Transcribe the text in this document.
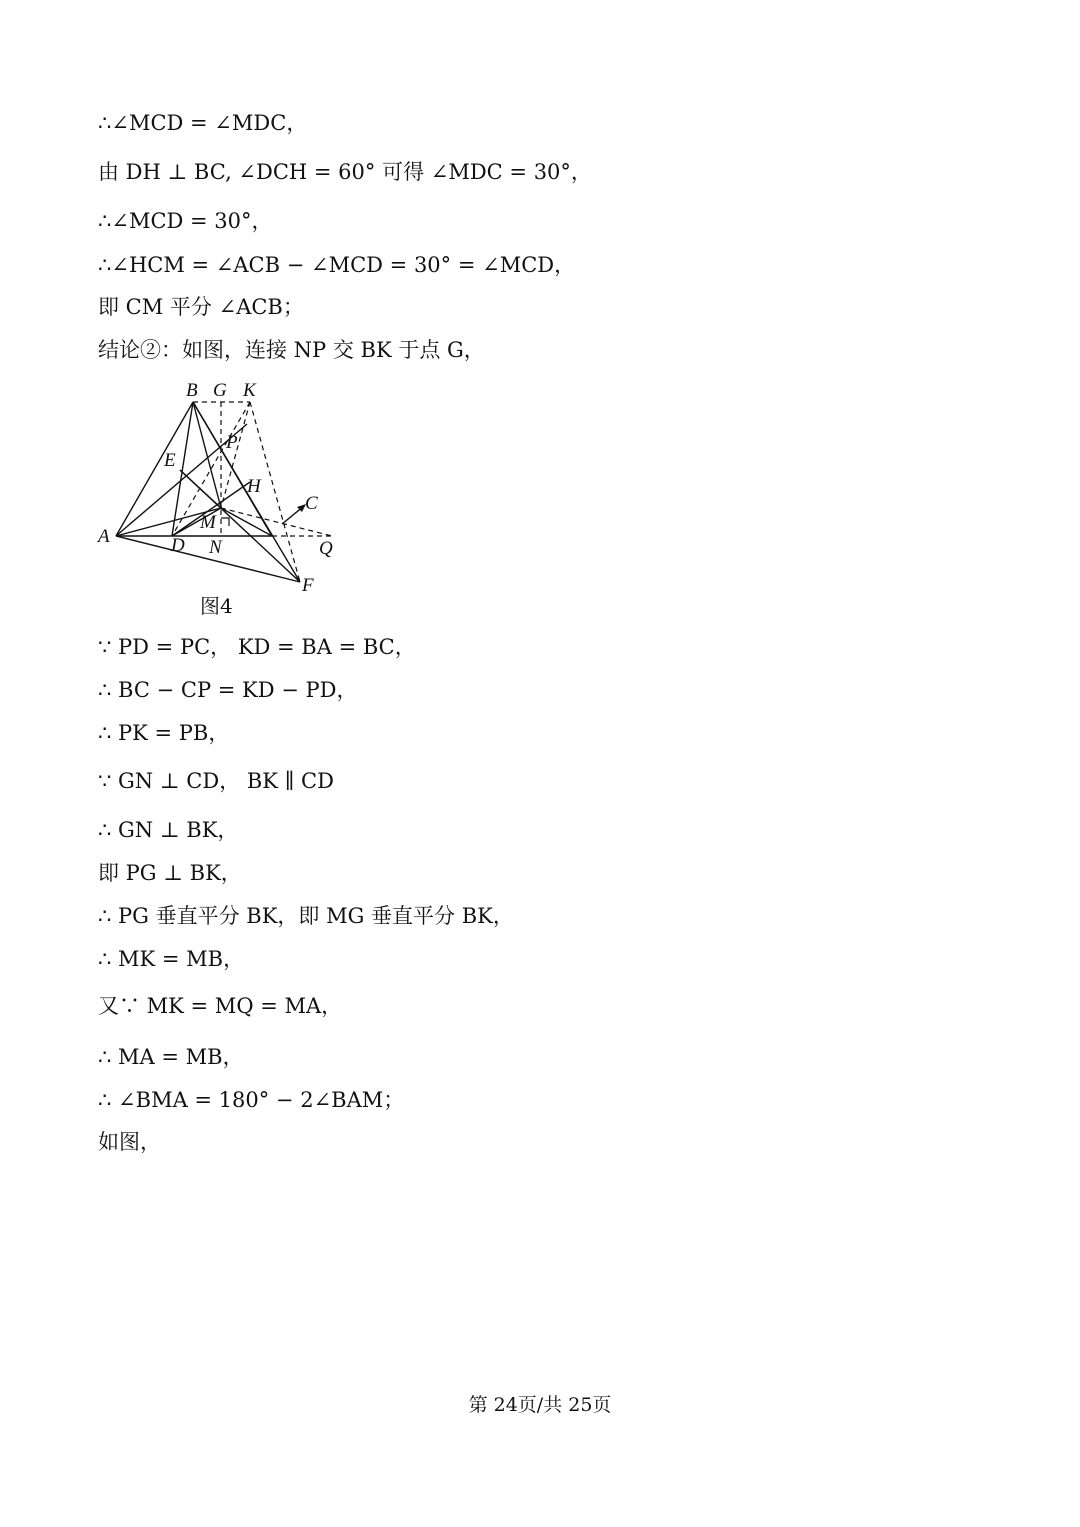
∴∠MCD = ∠MDC，
由 DH ⊥ BC, ∠DCH = 60° 可得 ∠MDC = 30°，
∴∠MCD = 30°，
∴∠HCM = ∠ACB − ∠MCD = 30° = ∠MCD，
即 CM 平分 ∠ACB；
结论②：如图，连接 NP 交 BK 于点 G，
B G K
P
E
H
C
M
A	D N	Q
F
图4
∵ PD = PC， KD = BA = BC，
∴ BC − CP = KD − PD，
∴ PK = PB，
∵ GN ⊥ CD， BK ∥ CD
∴ GN ⊥ BK，
即 PG ⊥ BK，
∴ PG 垂直平分 BK，即 MG 垂直平分 BK，
∴ MK = MB，
又∵ MK = MQ = MA，
∴ MA = MB，
∴ ∠BMA = 180° − 2∠BAM；
如图，
第 24页/共 25页
